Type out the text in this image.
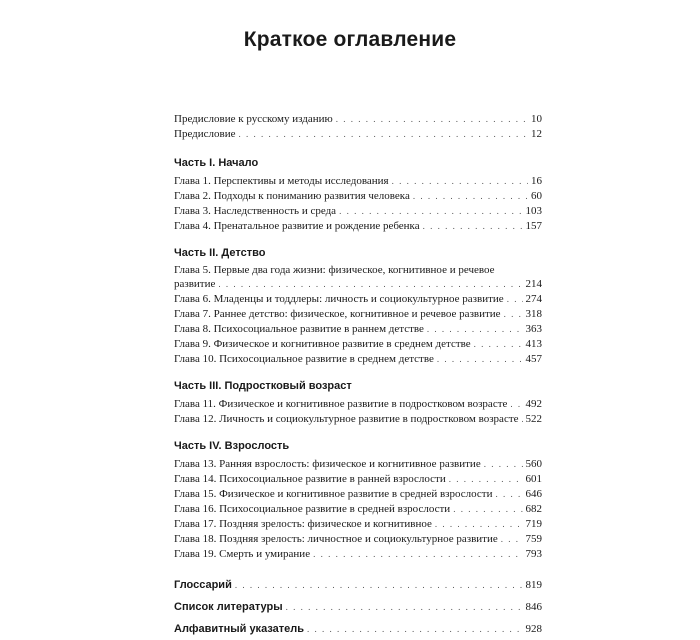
Краткое оглавление
Предисловие к русскому изданию . . .	10
Предисловие . . .	12
Часть I. Начало
Глава 1. Перспективы и методы исследования . . .	16
Глава 2. Подходы к пониманию развития человека . . .	60
Глава 3. Наследственность и среда . . .	103
Глава 4. Пренатальное развитие и рождение ребенка . . .	157
Часть II. Детство
Глава 5. Первые два года жизни: физическое, когнитивное и речевое
развитие . . .	214
Глава 6. Младенцы и тоддлеры: личность и социокультурное развитие . . . 274
Глава 7. Раннее детство: физическое, когнитивное и речевое развитие . . . 318
Глава 8. Психосоциальное развитие в раннем детстве . . .	363
Глава 9. Физическое и когнитивное развитие в среднем детстве . . .	413
Глава 10. Психосоциальное развитие в среднем детстве . . .	457
Часть III. Подростковый возраст
Глава 11. Физическое и когнитивное развитие в подростковом возрасте . . . 492
Глава 12. Личность и социокультурное развитие в подростковом возрасте . . . 522
Часть IV. Взрослость
Глава 13. Ранняя взрослость: физическое и когнитивное развитие . . .	560
Глава 14. Психосоциальное развитие в ранней взрослости . . .	601
Глава 15. Физическое и когнитивное развитие в средней взрослости . . .	646
Глава 16. Психосоциальное развитие в средней взрослости . . .	682
Глава 17. Поздняя зрелость: физическое и когнитивное . . .	719
Глава 18. Поздняя зрелость: личностное и социокультурное развитие . . .	759
Глава 19. Смерть и умирание . . .	793
Глоссарий . . .	819
Список литературы . . .	846
Алфавитный указатель . . .	928
